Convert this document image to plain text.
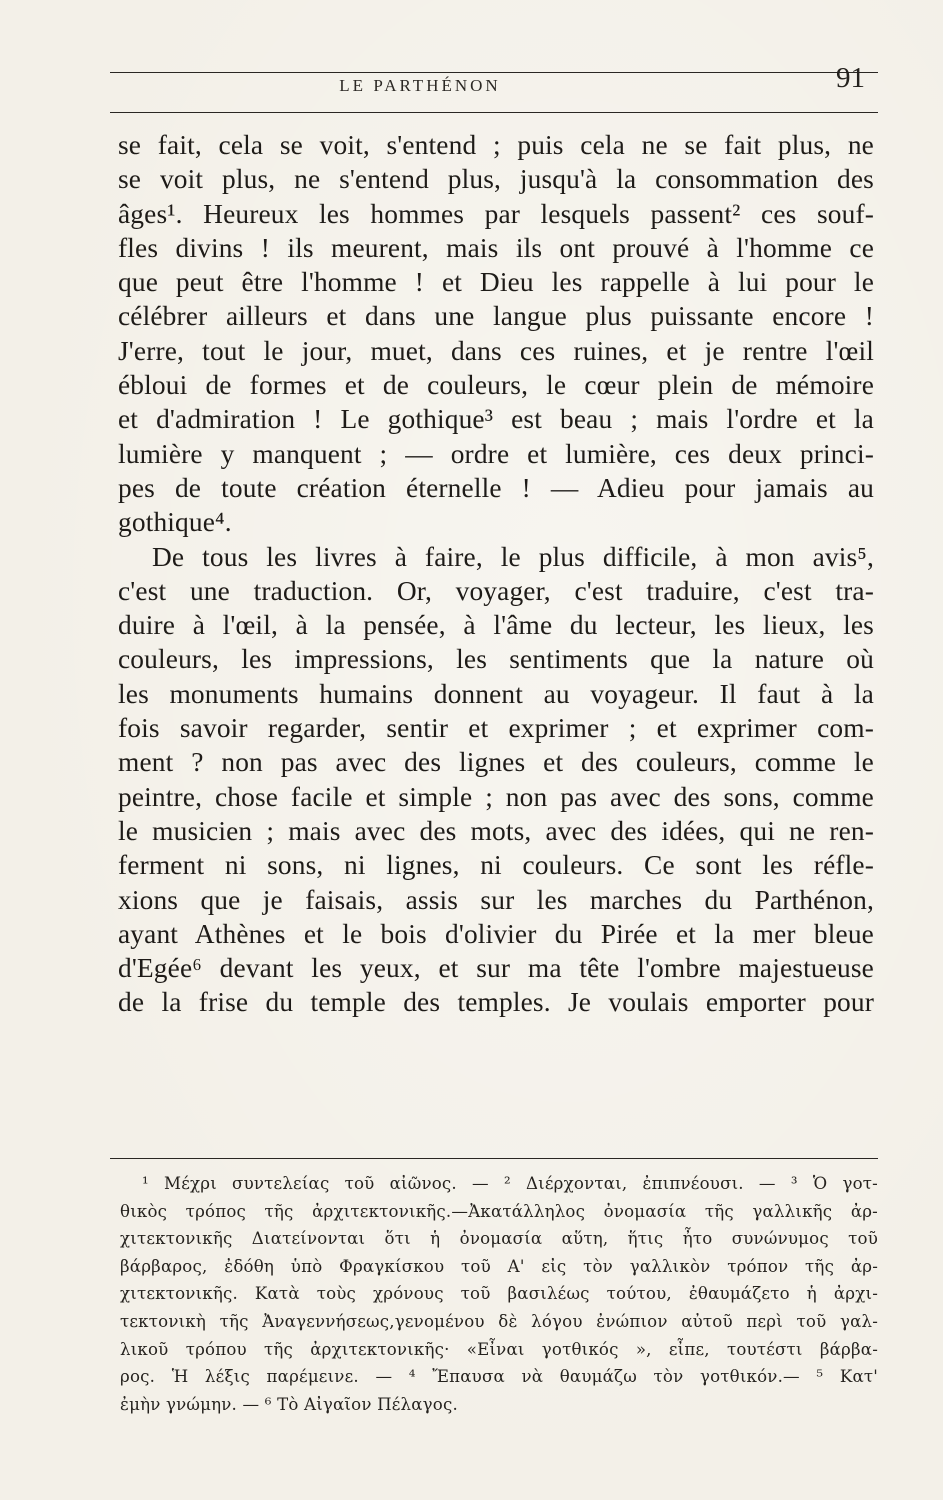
LE PARTHÉNON	91
se fait, cela se voit, s'entend ; puis cela ne se fait plus, ne
se voit plus, ne s'entend plus, jusqu'à la consommation des
âges¹. Heureux les hommes par lesquels passent² ces souf-
fles divins ! ils meurent, mais ils ont prouvé à l'homme ce
que peut être l'homme ! et Dieu les rappelle à lui pour le
célébrer ailleurs et dans une langue plus puissante encore !
J'erre, tout le jour, muet, dans ces ruines, et je rentre l'œil
ébloui de formes et de couleurs, le cœur plein de mémoire
et d'admiration ! Le gothique³ est beau ; mais l'ordre et la
lumière y manquent ; — ordre et lumière, ces deux princi-
pes de toute création éternelle ! — Adieu pour jamais au
gothique⁴.
De tous les livres à faire, le plus difficile, à mon avis⁵,
c'est une traduction. Or, voyager, c'est traduire, c'est tra-
duire à l'œil, à la pensée, à l'âme du lecteur, les lieux, les
couleurs, les impressions, les sentiments que la nature où
les monuments humains donnent au voyageur. Il faut à la
fois savoir regarder, sentir et exprimer ; et exprimer com-
ment ? non pas avec des lignes et des couleurs, comme le
peintre, chose facile et simple ; non pas avec des sons, comme
le musicien ; mais avec des mots, avec des idées, qui ne ren-
ferment ni sons, ni lignes, ni couleurs. Ce sont les réfle-
xions que je faisais, assis sur les marches du Parthénon,
ayant Athènes et le bois d'olivier du Pirée et la mer bleue
d'Egée⁶ devant les yeux, et sur ma tête l'ombre majestueuse
de la frise du temple des temples. Je voulais emporter pour
¹ Μέχρι συντελείας τοῦ αἰῶνος. — ² Διέρχονται, ἐπιπνέουσι. — ³ Ὁ γοτ-
θικὸς τρόπος τῆς ἀρχιτεκτονικῆς.—Ἀκατάλληλος ὀνομασία τῆς γαλλικῆς ἀρ-
χιτεκτονικῆς Διατείνονται ὅτι ἡ ὀνομασία αὕτη, ἥτις ἦτο συνώνυμος τοῦ
βάρβαρος, ἐδόθη ὑπὸ Φραγκίσκου τοῦ Α' εἰς τὸν γαλλικὸν τρόπον τῆς ἀρ-
χιτεκτονικῆς. Κατὰ τοὺς χρόνους τοῦ βασιλέως τούτου, ἐθαυμάζετο ἡ ἀρχι-
τεκτονικὴ τῆς Ἀναγεννήσεως,γενομένου δὲ λόγου ἐνώπιον αὐτοῦ περὶ τοῦ γαλ-
λικοῦ τρόπου τῆς ἀρχιτεκτονικῆς· «Εἶναι γοτθικός », εἶπε, τουτέστι βάρβα-
ρος. Ἡ λέξις παρέμεινε. — ⁴ Ἔπαυσα νὰ θαυμάζω τὸν γοτθικόν.— ⁵ Κατ'
ἐμὴν γνώμην. — ⁶ Τὸ Αἰγαῖον Πέλαγος.
